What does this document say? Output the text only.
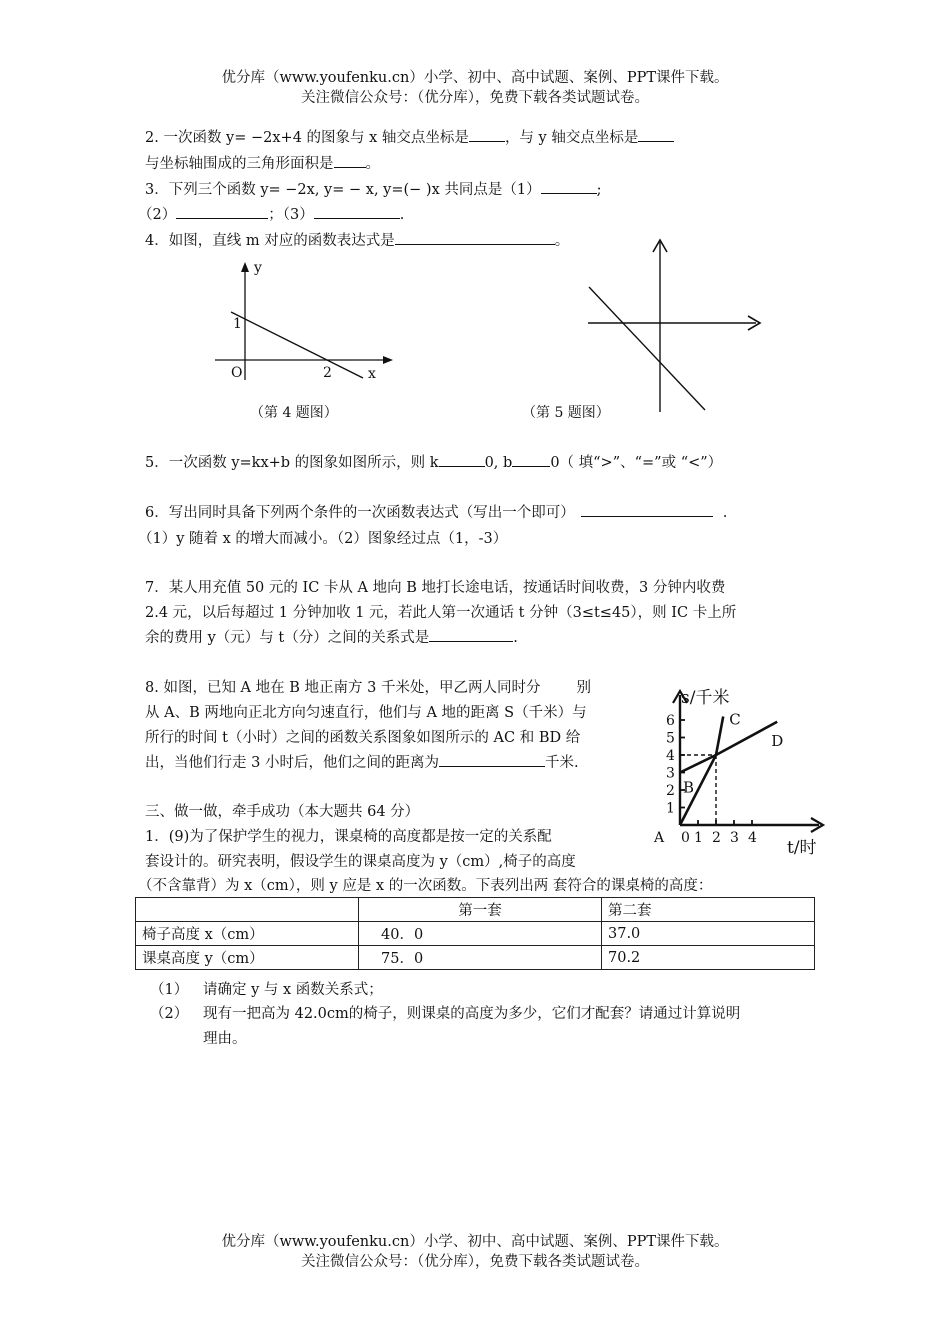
优分库（www.youfenku.cn）小学、初中、高中试题、案例、PPT课件下载。
关注微信公众号：（优分库），免费下载各类试题试卷。
2. 一次函数 y= −2x+4 的图象与 x 轴交点坐标是 ，与 y 轴交点坐标是
与坐标轴围成的三角形面积是 。
3．下列三个函数 y= −2x, y= − x, y=(− )x 共同点是（1）	;
（2）	；（3）	.
4．如图，直线 m 对应的函数表达式是	。
y
x
O
1
2
（第 4 题图）	（第 5 题图）
5．一次函数 y=kx+b 的图象如图所示，则 k	0, b	0（ 填“>”、“=”或 “<”）
6．写出同时具备下列两个条件的一次函数表达式（写出一个即可）	.
（1）y 随着 x 的增大而减小。（2）图象经过点（1，-3）
7．某人用充值 50 元的 IC 卡从 A 地向 B 地打长途电话，按通话时间收费，3 分钟内收费
2.4 元，以后每超过 1 分钟加收 1 元，若此人第一次通话 t 分钟（3≤t≤45），则 IC 卡上所
余的费用 y（元）与 t（分）之间的关系式是	.
8. 如图，已知 A 地在 B 地正南方 3 千米处，甲乙两人同时分 别
从 A、B 两地向正北方向匀速直行，他们与 A 地的距离 S（千米）与
所行的时间 t（小时）之间的函数关系图象如图所示的 AC 和 BD 给
出，当他们行走 3 小时后，他们之间的距离为	千米.
1
2
3
4
5
6
0 1 2 3 4
s/千米
t/时
A
B
C
D
三、做一做，牵手成功（本大题共 64 分）
1．(9)为了保护学生的视力，课桌椅的高度都是按一定的关系配
套设计的。研究表明，假设学生的课桌高度为 y（cm）,椅子的高度
（不含靠背）为 x（cm），则 y 应是 x 的一次函数。下表列出两 套符合的课桌椅的高度：
	第一套	第二套
椅子高度 x（cm）	40．0	37.0
课桌高度 y（cm）	75．0	70.2
（1） 请确定 y 与 x 函数关系式；
（2） 现有一把高为 42.0cm的椅子，则课桌的高度为多少，它们才配套？请通过计算说明
理由。
优分库（www.youfenku.cn）小学、初中、高中试题、案例、PPT课件下载。
关注微信公众号：（优分库），免费下载各类试题试卷。
